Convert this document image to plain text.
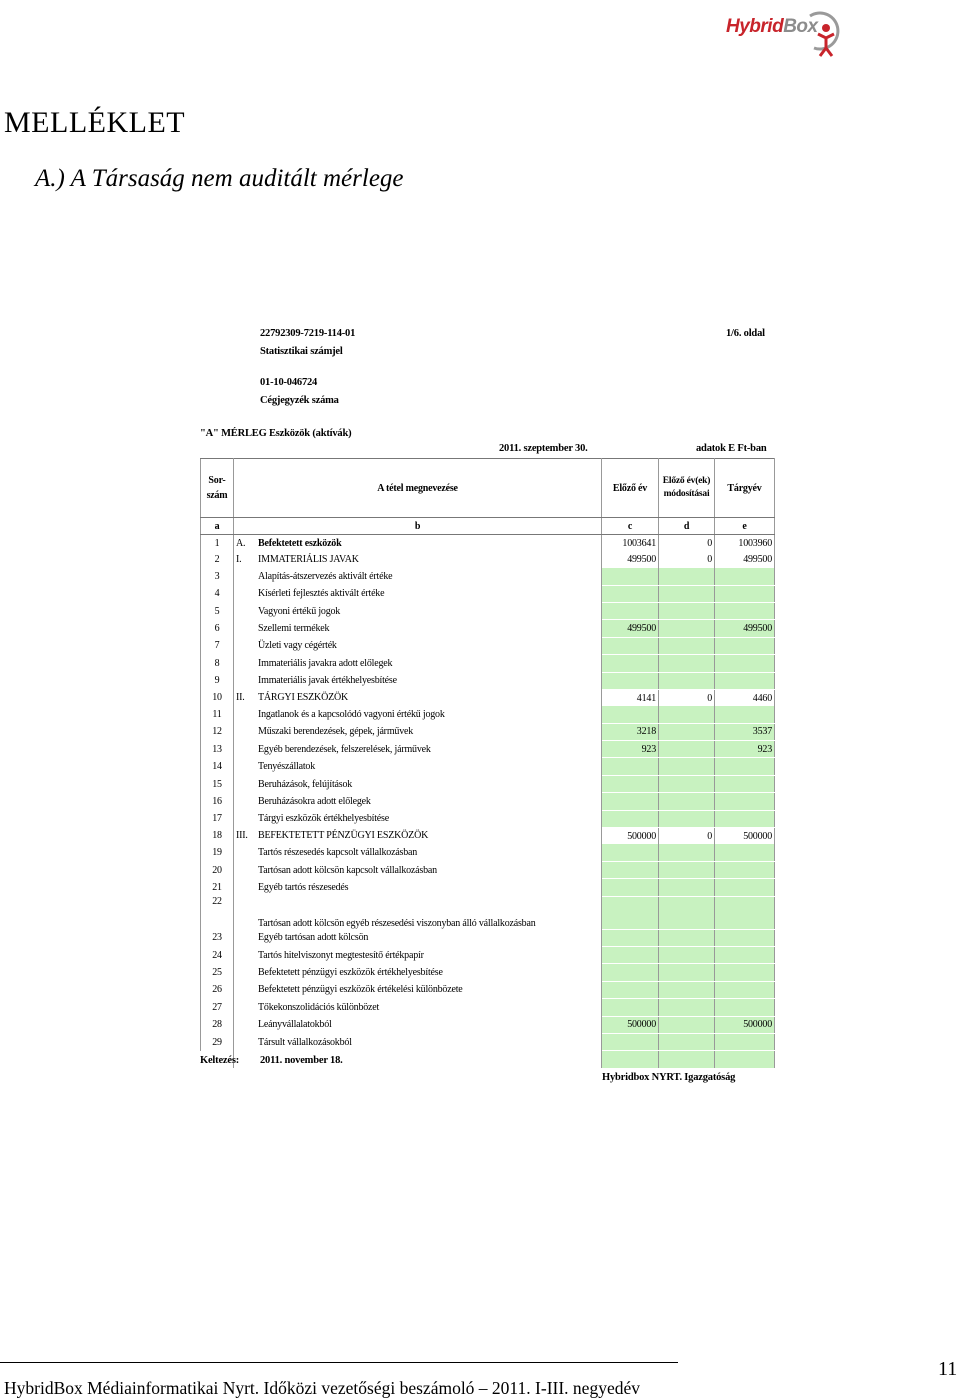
HybridBox
MELLÉKLET
A.) A Társaság nem auditált mérlege
22792309-7219-114-01
Statisztikai számjel
1/6. oldal
01-10-046724
Cégjegyzék száma
"A" MÉRLEG Eszközök (aktívák)
2011. szeptember 30.	adatok E Ft-ban
Sor-szám	A tétel megnevezése	Előző év	Előző év(ek) módosításai	Tárgyév
a	b	c	d	e
1	A. Befektetett eszközök	1003641	0	1003960
2	I. IMMATERIÁLIS JAVAK	499500	0	499500
3	Alapítás-átszervezés aktivált értéke			
4	Kísérleti fejlesztés aktivált értéke			
5	Vagyoni értékű jogok			
6	Szellemi termékek	499500		499500
7	Üzleti vagy cégérték			
8	Immateriális javakra adott előlegek			
9	Immateriális javak értékhelyesbítése			
10	II. TÁRGYI ESZKÖZÖK	4141	0	4460
11	Ingatlanok és a kapcsolódó vagyoni értékű jogok			
12	Műszaki berendezések, gépek, járművek	3218		3537
13	Egyéb berendezések, felszerelések, járművek	923		923
14	Tenyészállatok			
15	Beruházások, felújítások			
16	Beruházásokra adott előlegek			
17	Tárgyi eszközök értékhelyesbítése			
18	III. BEFEKTETETT PÉNZÜGYI ESZKÖZÖK	500000	0	500000
19	Tartós részesedés kapcsolt vállalkozásban			
20	Tartósan adott kölcsön kapcsolt vállalkozásban			
21	Egyéb tartós részesedés			
22	Tartósan adott kölcsön egyéb részesedési viszonyban álló vállalkozásban			
23	Egyéb tartósan adott kölcsön			
24	Tartós hitelviszonyt megtestesítő értékpapír			
25	Befektetett pénzügyi eszközök értékhelyesbítése			
26	Befektetett pénzügyi eszközök értékelési különbözete			
27	Tőkekonszolidációs különbözet			
28	Leányvállalatokból	500000		500000
29	Társult vállalkozásokból			

Keltezés: 2011. november 18.
Hybridbox NYRT. Igazgatóság
HybridBox Médiainformatikai Nyrt. Időközi vezetőségi beszámoló – 2011. I-III. negyedév
11
